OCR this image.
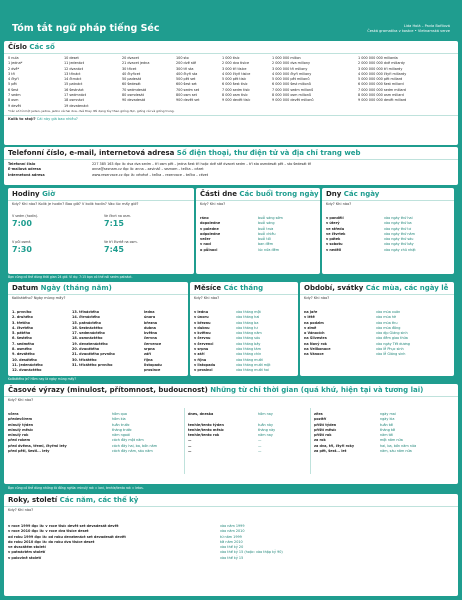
Tóm tắt ngữ pháp tiếng Séc	Lida Holá – Pavla Bořilová
Česká gramatika v kostce • Vietnamská verze
Číslo Các số
0 nula
1 jedna*
2 dvě*
3 tři
4 čtyři
5 pět
6 šest
7 sedm
8 osm
9 devět
10 deset
11 jedenáct
12 dvanáct
13 třináct
14 čtrnáct
15 patnáct
16 šestnáct
17 sedmnáct
18 osmnáct
19 devatenáct
20 dvacet
21 dvacet jedna
30 třicet
40 čtyřicet
50 padesát
60 šedesát
70 sedmdesát
80 osmdesát
90 devadesát
100 sto
200 dvě stě
300 tři sta
400 čtyři sta
500 pět set
600 šest set
700 sedm set
800 osm set
900 devět set
1 000 tisíc
2 000 dva tisíce
3 000 tři tisíce
4 000 čtyři tisíce
5 000 pět tisíc
6 000 šest tisíc
7 000 sedm tisíc
8 000 osm tisíc
9 000 devět tisíc
1 000 000 milion
2 000 000 dva miliony
3 000 000 tři miliony
4 000 000 čtyři miliony
5 000 000 pět milionů
6 000 000 šest milionů
7 000 000 sedm milionů
8 000 000 osm milionů
9 000 000 devět milionů
1 000 000 000 miliarda
2 000 000 000 dvě miliardy
3 000 000 000 tři miliardy
4 000 000 000 čtyři miliardy
5 000 000 000 pět miliard
6 000 000 000 šest miliard
7 000 000 000 sedm miliard
8 000 000 000 osm miliard
9 000 000 000 devět miliard
*Các số từ một jeden, jedna, jedno và hai dva, dvě thay đổi dạng tùy theo giống đực, giống cái và giống trung.
Kolik to stojí? Cái này giá bao nhiêu?
Telefonní číslo, e-mail, internetová adresa Số điện thoại, thư điện tử và địa chỉ trang web
Telefonní číslo
E-mailová adresa
Internetová adresa
227 385 163 đọc là: dva dva sedm – tři osm pět – jedna šest tři hoặc dvě stě dvacet sedm – tři sta osmdesát pět – sto šedesát tři
anna@seznam.cz đọc là: anna – zavináč – seznam – tečka – cézet
www.reservace.cz đọc là: vévévé – tečka – rezervace – tečka – cézet
Hodiny Giờ
Kdy? Khi nào? Kolik je hodin? Bao giờ? V kolik hodin? Vào lúc mấy giờ?
V sedm (hodin).
7:00
Ve čtvrt na osm.
7:15
V půl osmé.
7:30
Ve tři čtvrtě na osm.
7:45
Části dne Các buổi trong ngày
Kdy? Khi nào?
ráno
dopoledne
v poledne
odpoledne
večer
v noci
o půlnoci
buổi sáng sớm
buổi sáng
buổi trưa
buổi chiều
buổi tối
ban đêm
lúc nửa đêm
Dny Các ngày
Kdy? Khi nào?
v pondělí
v úterý
ve středu
ve čtvrtek
v pátek
v sobotu
v neděli
vào ngày thứ hai
vào ngày thứ ba
vào ngày thứ tư
vào ngày thứ năm
vào ngày thứ sáu
vào ngày thứ bảy
vào ngày chủ nhật
Bạn cũng có thể dùng thời gian 24 giờ. Ví dụ: 7:15 bạn có thể nói sedm patnáct.
Datum Ngày (tháng năm)
Kolikátého? Ngày mùng mấy?
1. prvního
2. druhého
3. třetího
4. čtvrtého
5. pátého
6. šestého
7. sedmého
8. osmého
9. devátého
10. desátého
11. jedenáctého
12. dvanáctého
13. třináctého
14. čtrnáctého
15. patnáctého
16. šestnáctého
17. sedmnáctého
18. osmnáctého
19. devatenáctého
20. dvacátého
21. dvacátého prvního
30. třicátého
31. třicátého prvního
ledna
února
března
dubna
května
června
července
srpna
září
října
listopadu
prosince
Měsíce Các tháng
Kdy? Khi nào?
v lednu
v únoru
v březnu
v dubnu
v květnu
v červnu
v červenci
v srpnu
v září
v říjnu
v listopadu
v prosinci
vào tháng một
vào tháng hai
vào tháng ba
vào tháng tư
vào tháng năm
vào tháng sáu
vào tháng bảy
vào tháng tám
vào tháng chín
vào tháng mười
vào tháng mười một
vào tháng mười hai
Období, svátky Các mùa, các ngày lễ
Kdy? Khi nào?
na jaře
v létě
na podzim
v zimě
o Vánocích
na Silvestra
na Nový rok
na Velikonoce
na Vánoce
vào mùa xuân
vào mùa hè
vào mùa thu
vào mùa đông
vào dịp Giáng sinh
vào đêm giao thừa
vào ngày Tết dương
vào lễ Phục sinh
vào lễ Giáng sinh
Kolikátého je? Hôm nay là ngày mùng mấy?
Časové výrazy (minulost, přítomnost, budoucnost) Những từ chỉ thời gian (quá khứ, hiện tại và tương lai)
Kdy? Khi nào?
včera
předevčírem
minulý týden
minulý měsíc
minulý rok
před rokem
před dvěma, třemi, čtyřmi lety
před pěti, šesti... lety
hôm qua
hôm kia
tuần trước
tháng trước
năm ngoái
cách đây một năm
cách đây hai, ba, bốn năm
cách đây năm, sáu năm
dnes, dneska

tenhle/tento týden
tenhle/tento měsíc
tenhle/tento rok
—
—
—
hôm nay

tuần này
tháng này
năm nay
—
—
—
zítra
pozítří
příští týden
příští měsíc
příští rok
za rok
za dva, tři, čtyři roky
za pět, šest... let
ngày mai
ngày kia
tuần tới
tháng tới
năm tới
một năm nữa
hai, ba, bốn năm nữa
năm, sáu năm nữa
Bạn cũng có thể dùng những từ đồng nghĩa: minulý rok = loni, tenhle/tento rok = letos.
Roky, století Các năm, các thế kỷ
Kdy? Khi nào?
v roce 1999 đọc là: v roce tisíc devět set devadesát devět
v roce 2010 đọc là: v roce dva tisíce deset
od roku 1999 đọc là: od roku devatenáct set devadesát devět
do roku 2010 đọc là: do roku dva tisíce deset
ve dvacátém století
v patnáctém století
v polovině století
vào năm 1999
vào năm 2010
từ năm 1999
tới năm 2010
vào thế kỷ 20
vào thế kỷ 15 (hoặc: vào thập kỷ 90)
vào thế kỷ 15
